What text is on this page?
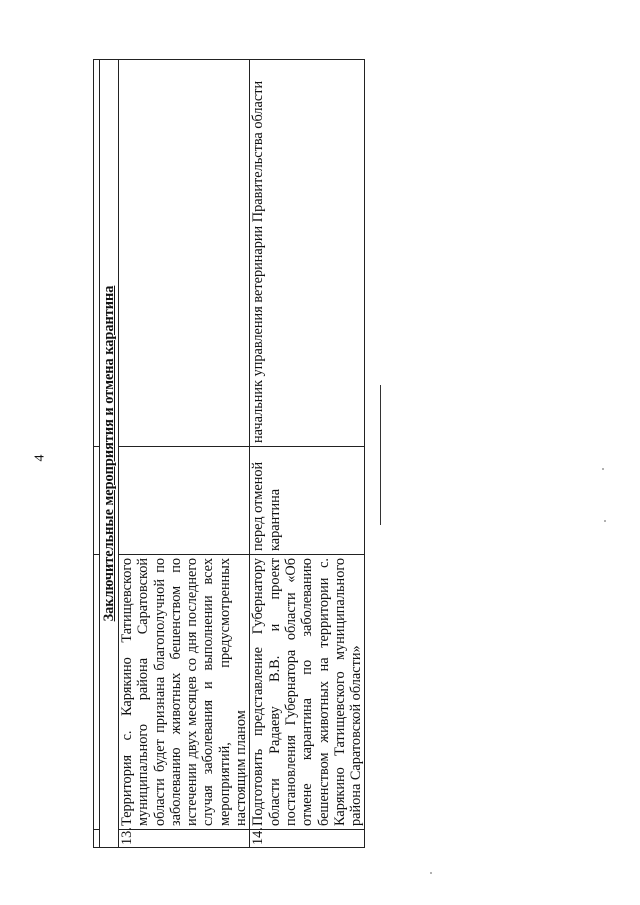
4
				Заключительные мероприятия и отмена карантина			
13.	Территория с. Карякино Татищевского муниципального района Саратовской области будет признана благополучной по заболеванию животных бешенством по истечении двух месяцев со дня последнего случая заболевания и выполнении всех мероприятий, предусмотренных настоящим планом		
14.	Подготовить представление Губернатору области Радаеву В.В. и проект постановления Губернатора области «Об отмене карантина по заболеванию бешенством животных на территории с. Карякино Татищевского муниципального района Саратовской области»	перед отменой карантина	начальник управления ветеринарии Правительства области
